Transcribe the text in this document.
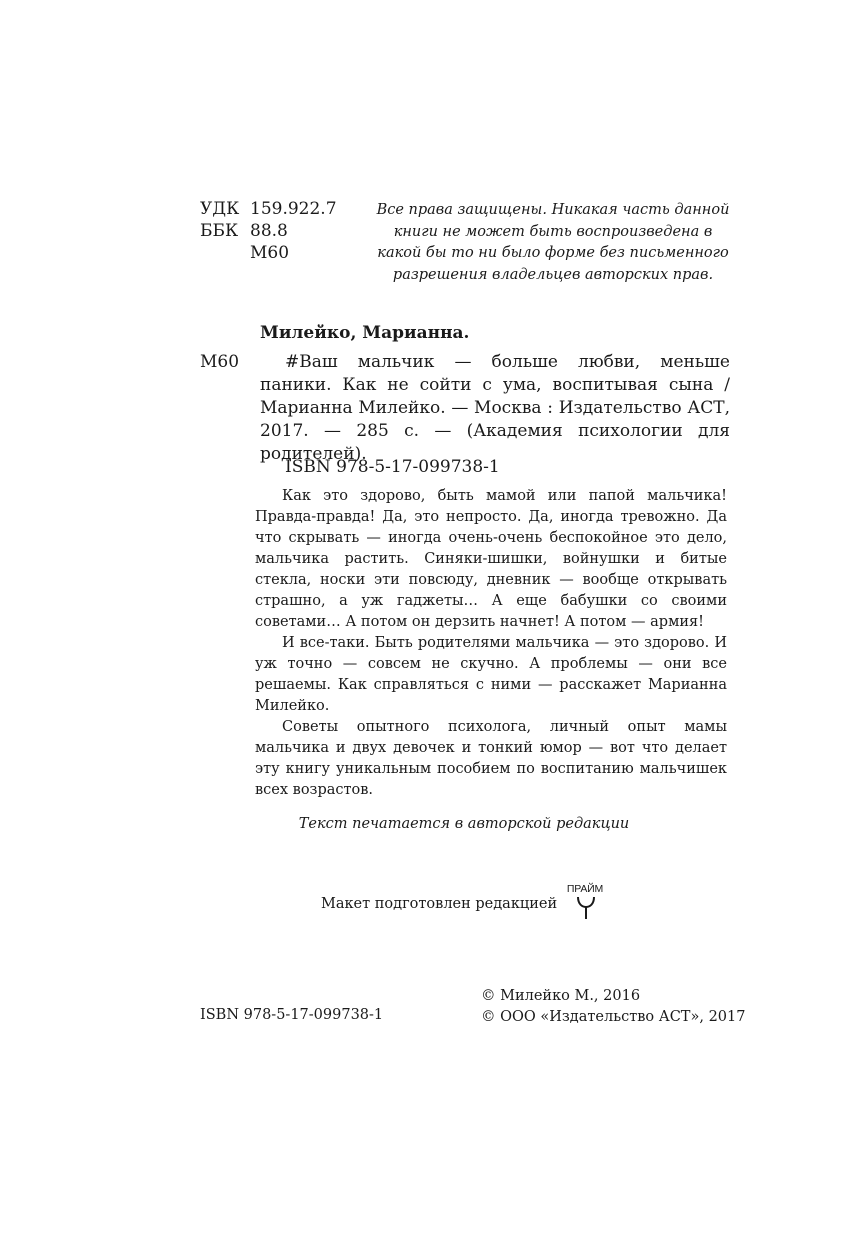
УДК 159.922.7
ББК 88.8
М60
Все права защищены. Никакая часть данной книги не может быть воспроизведена в какой бы то ни было форме без письменного разрешения владельцев авторских прав.
Милейко, Марианна.
М60	#Ваш мальчик — больше любви, меньше паники. Как не сойти с ума, воспитывая сына / Марианна Милейко. — Москва : Издательство АСТ, 2017. — 285 с. — (Академия психологии для родителей).
ISBN 978-5-17-099738-1

Как это здорово, быть мамой или папой мальчика! Правда-правда! Да, это непросто. Да, иногда тревожно. Да что скрывать — иногда очень-очень беспокойное это дело, мальчика растить. Синяки-шишки, войнушки и битые стекла, носки эти повсюду, дневник — вообще открывать страшно, а уж гаджеты… А еще бабушки со своими советами… А потом он дерзить начнет! А потом — армия!

И все-таки. Быть родителями мальчика — это здорово. И уж точно — совсем не скучно. А проблемы — они все решаемы. Как справляться с ними — расскажет Марианна Милейко.

Советы опытного психолога, личный опыт мамы мальчика и двух девочек и тонкий юмор — вот что делает эту книгу уникальным пособием по воспитанию мальчишек всех возрастов.

Текст печатается в авторской редакции
Макет подготовлен редакцией
ПРАЙМ
ISBN 978-5-17-099738-1
© Милейко М., 2016
© ООО «Издательство АСТ», 2017
